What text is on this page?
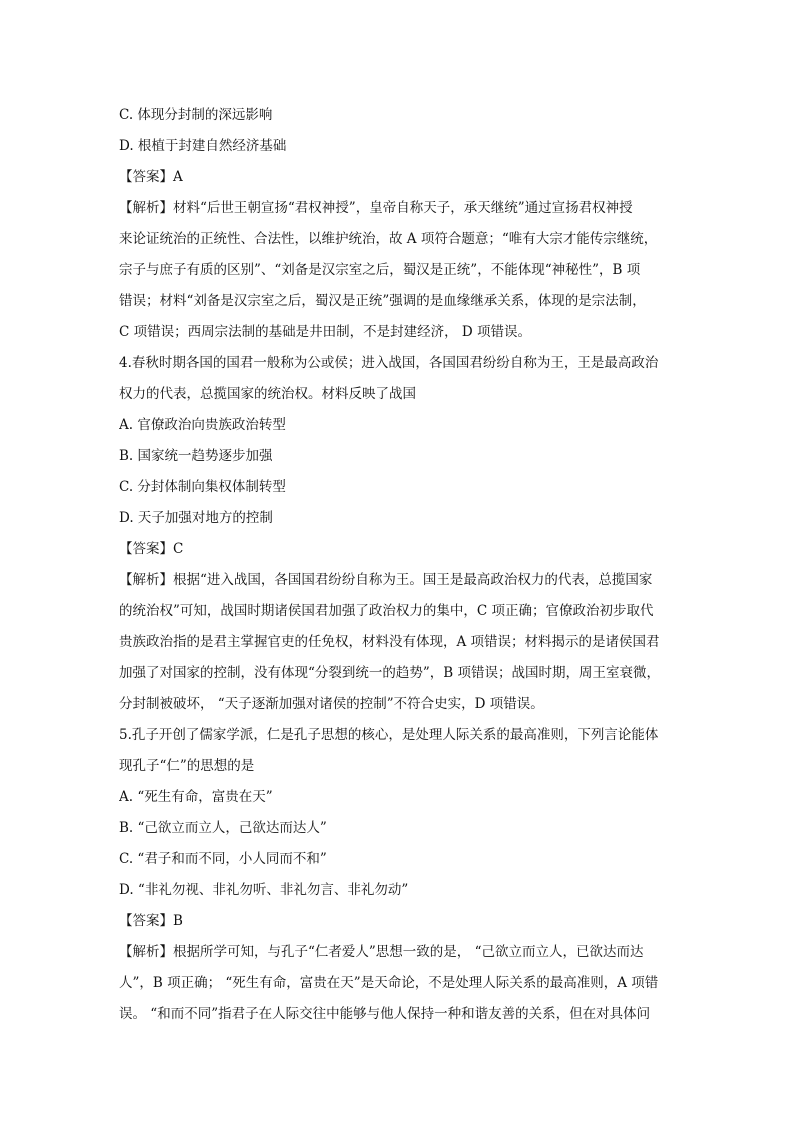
C. 体现分封制的深远影响
D. 根植于封建自然经济基础
【答案】A
【解析】材料“后世王朝宣扬“君权神授”，皇帝自称天子，承天继统”通过宣扬君权神授
来论证统治的正统性、合法性，以维护统治，故 A 项符合题意；“唯有大宗才能传宗继统，
宗子与庶子有质的区别”、“刘备是汉宗室之后，蜀汉是正统”，不能体现“神秘性”，B 项
错误；材料“刘备是汉宗室之后，蜀汉是正统”强调的是血缘继承关系，体现的是宗法制，
C 项错误；西周宗法制的基础是井田制，不是封建经济， D 项错误。
4.春秋时期各国的国君一般称为公或侯；进入战国，各国国君纷纷自称为王，王是最高政治
权力的代表，总揽国家的统治权。材料反映了战国
A. 官僚政治向贵族政治转型
B. 国家统一趋势逐步加强
C. 分封体制向集权体制转型
D. 天子加强对地方的控制
【答案】C
【解析】根据“进入战国，各国国君纷纷自称为王。国王是最高政治权力的代表，总揽国家
的统治权”可知，战国时期诸侯国君加强了政治权力的集中，C 项正确；官僚政治初步取代
贵族政治指的是君主掌握官吏的任免权，材料没有体现，A 项错误；材料揭示的是诸侯国君
加强了对国家的控制，没有体现“分裂到统一的趋势”，B 项错误；战国时期，周王室衰微，
分封制被破坏， “天子逐渐加强对诸侯的控制”不符合史实，D 项错误。
5.孔子开创了儒家学派，仁是孔子思想的核心，是处理人际关系的最高准则，下列言论能体
现孔子“仁”的思想的是
A. “死生有命，富贵在天”
B. “己欲立而立人，己欲达而达人”
C. “君子和而不同，小人同而不和”
D. “非礼勿视、非礼勿听、非礼勿言、非礼勿动”
【答案】B
【解析】根据所学可知，与孔子“仁者爱人”思想一致的是， “己欲立而立人，已欲达而达
人”，B 项正确； “死生有命，富贵在天”是天命论，不是处理人际关系的最高准则，A 项错
误。 “和而不同”指君子在人际交往中能够与他人保持一种和谐友善的关系，但在对具体问
